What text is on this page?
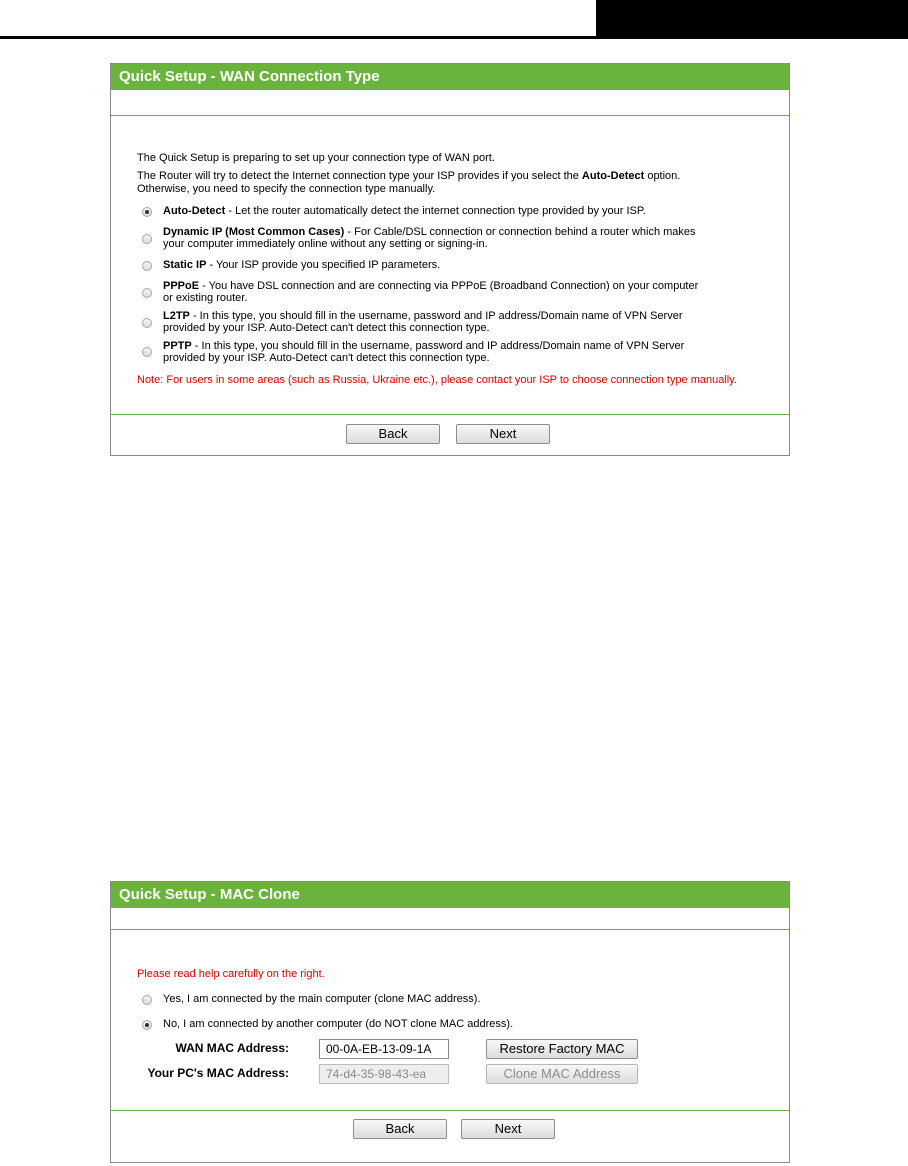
Quick Setup - WAN Connection Type
The Quick Setup is preparing to set up your connection type of WAN port.
The Router will try to detect the Internet connection type your ISP provides if you select the Auto-Detect option.
Otherwise, you need to specify the connection type manually.
Auto-Detect - Let the router automatically detect the internet connection type provided by your ISP.
Dynamic IP (Most Common Cases) - For Cable/DSL connection or connection behind a router which makes
your computer immediately online without any setting or signing-in.
Static IP - Your ISP provide you specified IP parameters.
PPPoE - You have DSL connection and are connecting via PPPoE (Broadband Connection) on your computer
or existing router.
L2TP - In this type, you should fill in the username, password and IP address/Domain name of VPN Server
provided by your ISP. Auto-Detect can't detect this connection type.
PPTP - In this type, you should fill in the username, password and IP address/Domain name of VPN Server
provided by your ISP. Auto-Detect can't detect this connection type.
Note: For users in some areas (such as Russia, Ukraine etc.), please contact your ISP to choose connection type manually.
Back	Next
Quick Setup - MAC Clone
Please read help carefully on the right.
Yes, I am connected by the main computer (clone MAC address).
No, I am connected by another computer (do NOT clone MAC address).
WAN MAC Address:	00-0A-EB-13-09-1A	Restore Factory MAC
Your PC's MAC Address:	74-d4-35-98-43-ea	Clone MAC Address
Back	Next
